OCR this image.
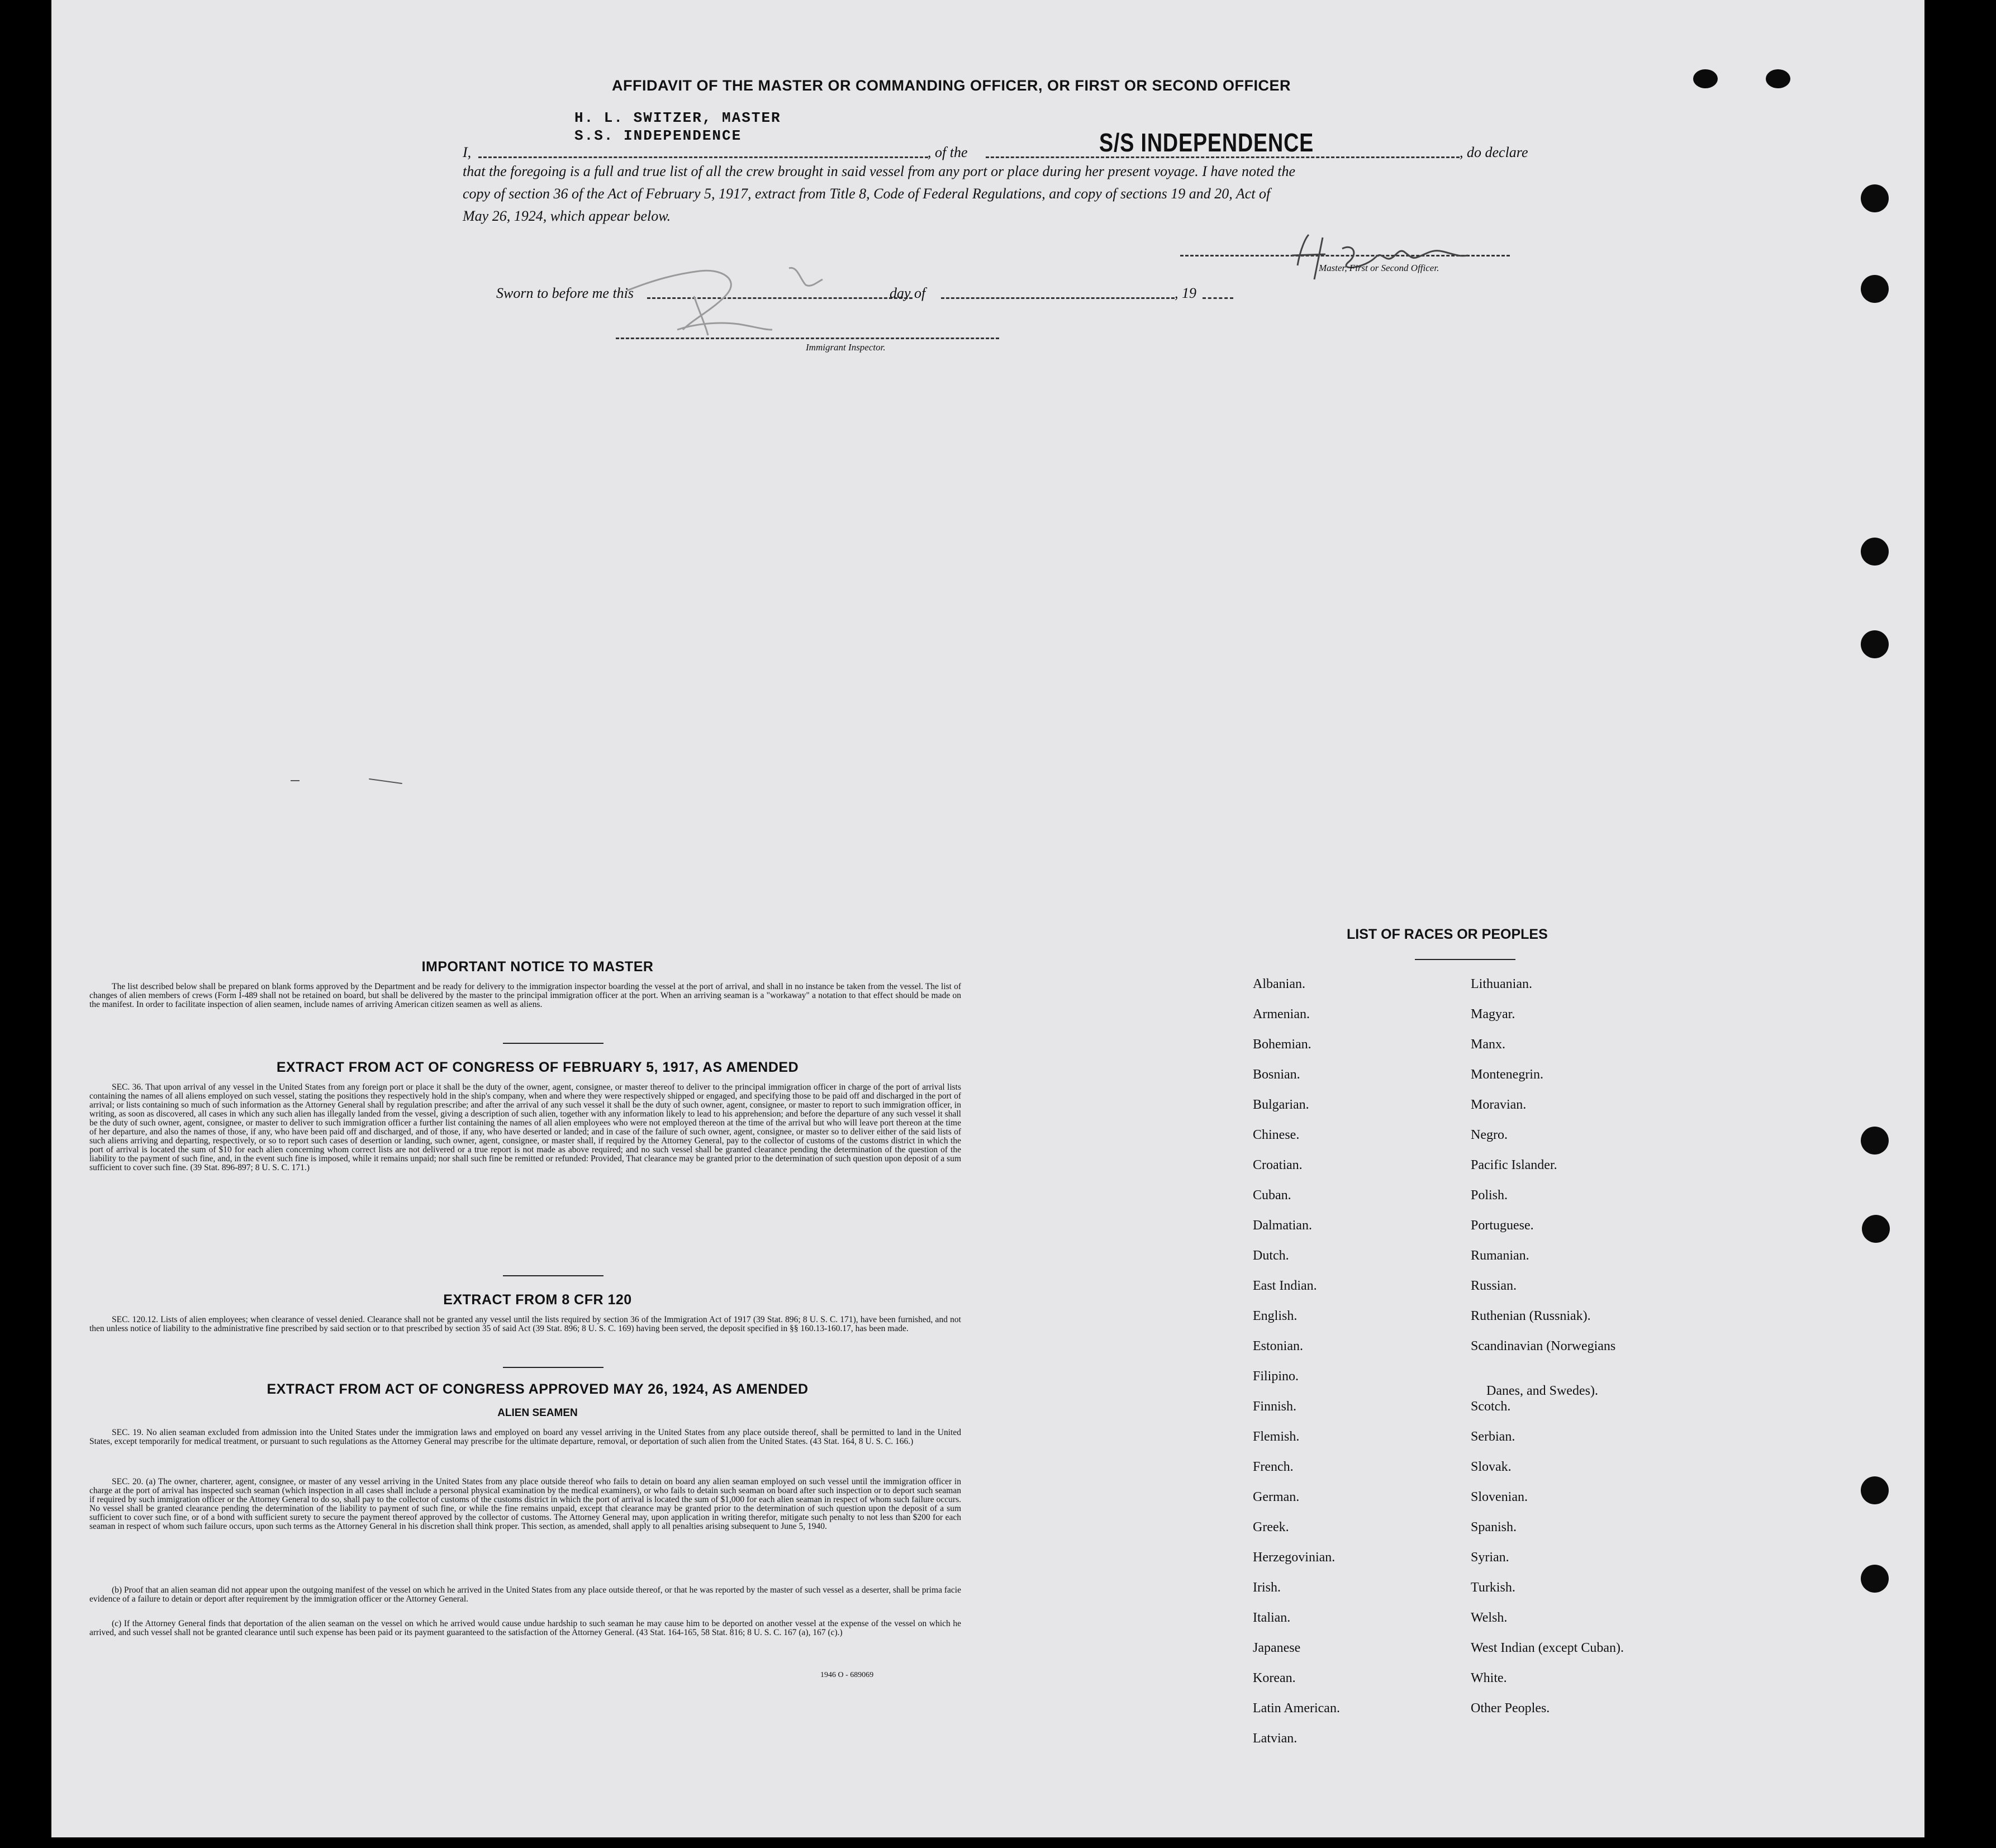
AFFIDAVIT OF THE MASTER OR COMMANDING OFFICER, OR FIRST OR SECOND OFFICER
H. L. SWITZER, MASTER
S.S. INDEPENDENCE
I,	, of the	S/S INDEPENDENCE	, do declare
that the foregoing is a full and true list of all the crew brought in said vessel from any port or place during her present voyage. I have noted the
copy of section 36 of the Act of February 5, 1917, extract from Title 8, Code of Federal Regulations, and copy of sections 19 and 20, Act of
May 26, 1924, which appear below.
Master, First or Second Officer.
Sworn to before me this	day of	, 19
Immigrant Inspector.
IMPORTANT NOTICE TO MASTER
The list described below shall be prepared on blank forms approved by the Department and be ready for delivery to the immigration inspector boarding the vessel at the port of arrival, and shall in no instance be taken from the vessel. The list of changes of alien members of crews (Form I-489 shall not be retained on board, but shall be delivered by the master to the principal immigration officer at the port. When an arriving seaman is a "workaway" a notation to that effect should be made on the manifest. In order to facilitate inspection of alien seamen, include names of arriving American citizen seamen as well as aliens.
EXTRACT FROM ACT OF CONGRESS OF FEBRUARY 5, 1917, AS AMENDED
SEC. 36. That upon arrival of any vessel in the United States from any foreign port or place it shall be the duty of the owner, agent, consignee, or master thereof to deliver to the principal immigration officer in charge of the port of arrival lists containing the names of all aliens employed on such vessel, stating the positions they respectively hold in the ship's company, when and where they were respectively shipped or engaged, and specifying those to be paid off and discharged in the port of arrival; or lists containing so much of such information as the Attorney General shall by regulation prescribe; and after the arrival of any such vessel it shall be the duty of such owner, agent, consignee, or master to report to such immigration officer, in writing, as soon as discovered, all cases in which any such alien has illegally landed from the vessel, giving a description of such alien, together with any information likely to lead to his apprehension; and before the departure of any such vessel it shall be the duty of such owner, agent, consignee, or master to deliver to such immigration officer a further list containing the names of all alien employees who were not employed thereon at the time of the arrival but who will leave port thereon at the time of her departure, and also the names of those, if any, who have been paid off and discharged, and of those, if any, who have deserted or landed; and in case of the failure of such owner, agent, consignee, or master so to deliver either of the said lists of such aliens arriving and departing, respectively, or so to report such cases of desertion or landing, such owner, agent, consignee, or master shall, if required by the Attorney General, pay to the collector of customs of the customs district in which the port of arrival is located the sum of $10 for each alien concerning whom correct lists are not delivered or a true report is not made as above required; and no such vessel shall be granted clearance pending the determination of the question of the liability to the payment of such fine, and, in the event such fine is imposed, while it remains unpaid; nor shall such fine be remitted or refunded: Provided, That clearance may be granted prior to the determination of such question upon deposit of a sum sufficient to cover such fine. (39 Stat. 896-897; 8 U. S. C. 171.)
EXTRACT FROM 8 CFR 120
SEC. 120.12. Lists of alien employees; when clearance of vessel denied. Clearance shall not be granted any vessel until the lists required by section 36 of the Immigration Act of 1917 (39 Stat. 896; 8 U. S. C. 171), have been furnished, and not then unless notice of liability to the administrative fine prescribed by said section or to that prescribed by section 35 of said Act (39 Stat. 896; 8 U. S. C. 169) having been served, the deposit specified in §§ 160.13-160.17, has been made.
EXTRACT FROM ACT OF CONGRESS APPROVED MAY 26, 1924, AS AMENDED
ALIEN SEAMEN
SEC. 19. No alien seaman excluded from admission into the United States under the immigration laws and employed on board any vessel arriving in the United States from any place outside thereof, shall be permitted to land in the United States, except temporarily for medical treatment, or pursuant to such regulations as the Attorney General may prescribe for the ultimate departure, removal, or deportation of such alien from the United States. (43 Stat. 164, 8 U. S. C. 166.)
SEC. 20. (a) The owner, charterer, agent, consignee, or master of any vessel arriving in the United States from any place outside thereof who fails to detain on board any alien seaman employed on such vessel until the immigration officer in charge at the port of arrival has inspected such seaman (which inspection in all cases shall include a personal physical examination by the medical examiners), or who fails to detain such seaman on board after such inspection or to deport such seaman if required by such immigration officer or the Attorney General to do so, shall pay to the collector of customs of the customs district in which the port of arrival is located the sum of $1,000 for each alien seaman in respect of whom such failure occurs. No vessel shall be granted clearance pending the determination of the liability to payment of such fine, or while the fine remains unpaid, except that clearance may be granted prior to the determination of such question upon the deposit of a sum sufficient to cover such fine, or of a bond with sufficient surety to secure the payment thereof approved by the collector of customs. The Attorney General may, upon application in writing therefor, mitigate such penalty to not less than $200 for each seaman in respect of whom such failure occurs, upon such terms as the Attorney General in his discretion shall think proper. This section, as amended, shall apply to all penalties arising subsequent to June 5, 1940.
(b) Proof that an alien seaman did not appear upon the outgoing manifest of the vessel on which he arrived in the United States from any place outside thereof, or that he was reported by the master of such vessel as a deserter, shall be prima facie evidence of a failure to detain or deport after requirement by the immigration officer or the Attorney General.
(c) If the Attorney General finds that deportation of the alien seaman on the vessel on which he arrived would cause undue hardship to such seaman he may cause him to be deported on another vessel at the expense of the vessel on which he arrived, and such vessel shall not be granted clearance until such expense has been paid or its payment guaranteed to the satisfaction of the Attorney General. (43 Stat. 164-165, 58 Stat. 816; 8 U. S. C. 167 (a), 167 (c).)
1946 O - 689069
LIST OF RACES OR PEOPLES
Albanian.
Armenian.
Bohemian.
Bosnian.
Bulgarian.
Chinese.
Croatian.
Cuban.
Dalmatian.
Dutch.
East Indian.
English.
Estonian.
Filipino.
Finnish.
Flemish.
French.
German.
Greek.
Herzegovinian.
Irish.
Italian.
Japanese
Korean.
Latin American.
Latvian.
Lithuanian.
Magyar.
Manx.
Montenegrin.
Moravian.
Negro.
Pacific Islander.
Polish.
Portuguese.
Rumanian.
Russian.
Ruthenian (Russniak).
Scandinavian (Norwegians
Danes, and Swedes).
Scotch.
Serbian.
Slovak.
Slovenian.
Spanish.
Syrian.
Turkish.
Welsh.
West Indian (except Cuban).
White.
Other Peoples.
